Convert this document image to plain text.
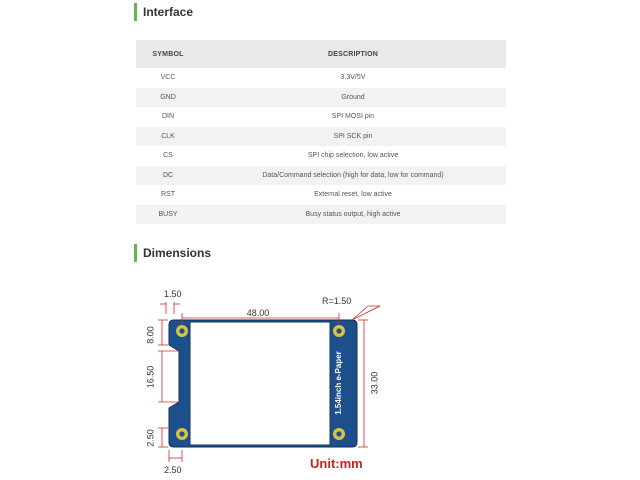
Interface
SYMBOL	DESCRIPTION
VCC	3.3V/5V
GND	Ground
DIN	SPI MOSI pin
CLK	SPI SCK pin
CS	SPI chip selection, low active
DC	Data/Command selection (high for data, low for command)
RST	External reset, low active
BUSY	Busy status output, high active
Dimensions
1.54inch e-Paper
1.50
48.00
R=1.50
33.00
8.00
16.50
2.50
2.50	Unit:mm
